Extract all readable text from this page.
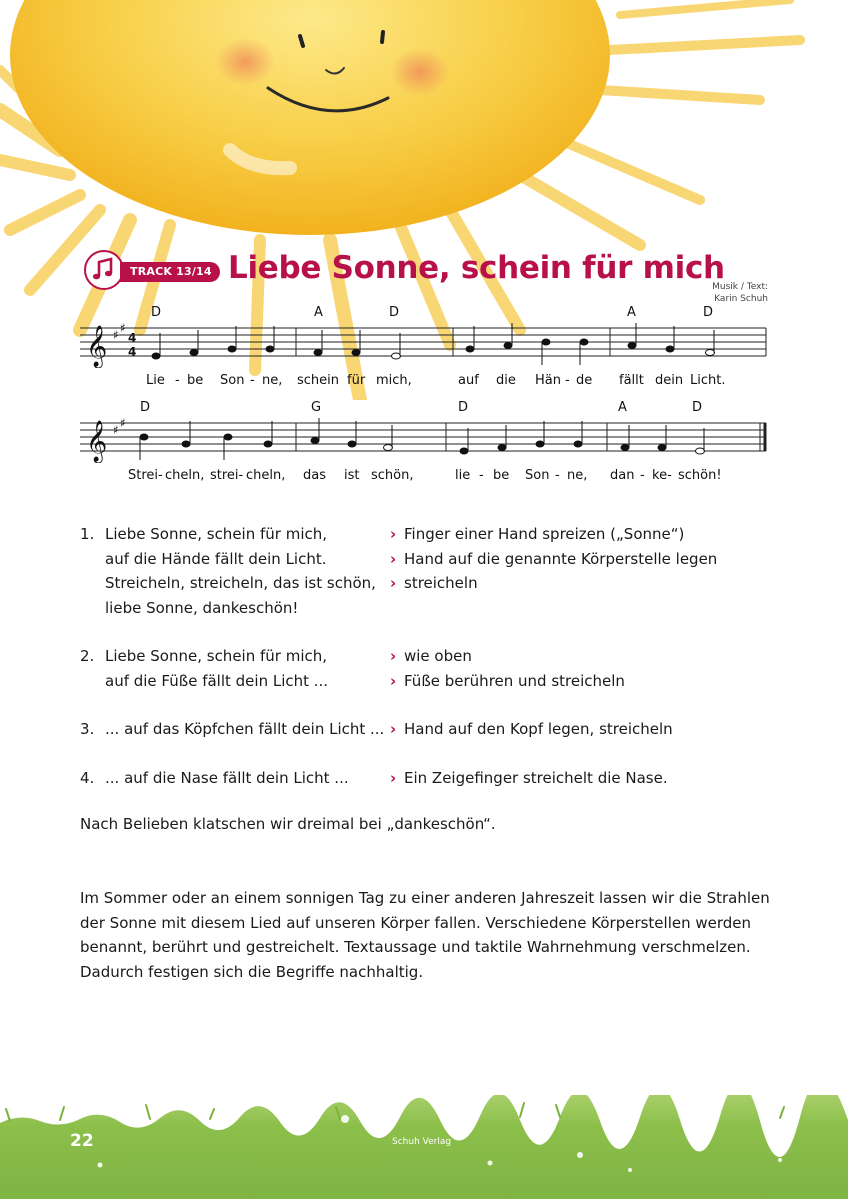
TRACK 13/14 Liebe Sonne, schein für mich
Musik / Text:
Karin Schuh
D	A	D	A	D
𝄞 ♯ ♯
4
4
Lie - be Son - ne, schein für mich,	auf die Hän - de fällt dein Licht.
D	G	D	A	D
𝄞 ♯ ♯
Strei- cheln, strei- cheln, das ist schön,	lie - be Son - ne, dan - ke- schön!
1. Liebe Sonne, schein für mich,	› Finger einer Hand spreizen („Sonne“)
auf die Hände fällt dein Licht.	› Hand auf die genannte Körperstelle legen
Streicheln, streicheln, das ist schön, › streicheln
liebe Sonne, dankeschön!
2. Liebe Sonne, schein für mich,	› wie oben
auf die Füße fällt dein Licht ...	› Füße berühren und streicheln
3. ... auf das Köpfchen fällt dein Licht ... › Hand auf den Kopf legen, streicheln
4. ... auf die Nase fällt dein Licht ...	› Ein Zeigefinger streichelt die Nase.
Nach Belieben klatschen wir dreimal bei „dankeschön“.
Im Sommer oder an einem sonnigen Tag zu einer anderen Jahreszeit lassen wir die Strahlen
der Sonne mit diesem Lied auf unseren Körper fallen. Verschiedene Körperstellen werden
benannt, berührt und gestreichelt. Textaussage und taktile Wahrnehmung verschmelzen.
Dadurch festigen sich die Begriffe nachhaltig.
22	Schuh Verlag
